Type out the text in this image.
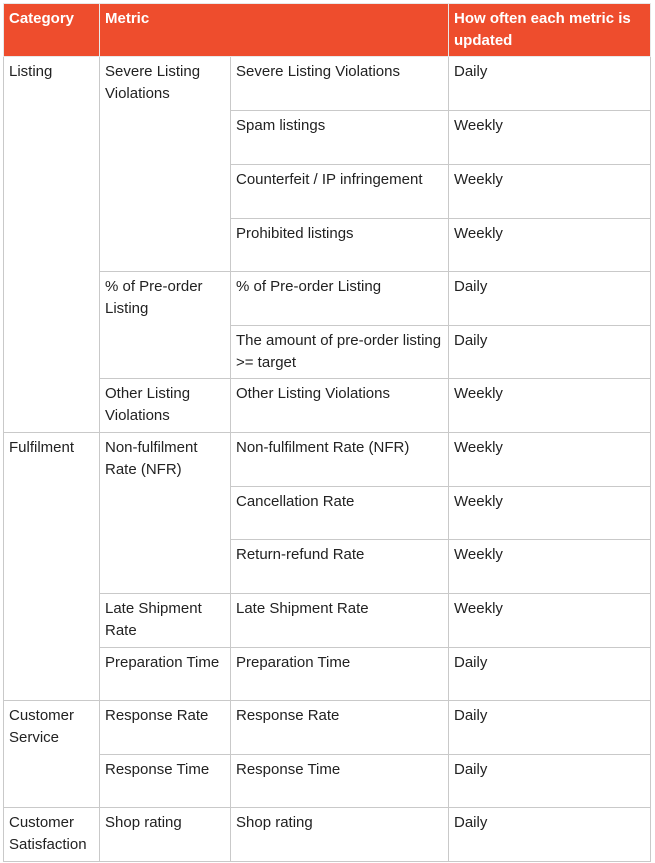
Category	Metric		How often each metric is updated
Listing	Severe Listing Violations	Severe Listing Violations	Daily
		Spam listings	Weekly
		Counterfeit / IP infringement	Weekly
		Prohibited listings	Weekly
	% of Pre-order Listing	% of Pre-order Listing	Daily
		The amount of pre-order listing >= target	Daily
	Other Listing Violations	Other Listing Violations	Weekly
Fulfilment	Non-fulfilment Rate (NFR)	Non-fulfilment Rate (NFR)	Weekly
		Cancellation Rate	Weekly
		Return-refund Rate	Weekly
	Late Shipment Rate	Late Shipment Rate	Weekly
	Preparation Time	Preparation Time	Daily
Customer Service	Response Rate	Response Rate	Daily
	Response Time	Response Time	Daily
Customer Satisfaction	Shop rating	Shop rating	Daily
